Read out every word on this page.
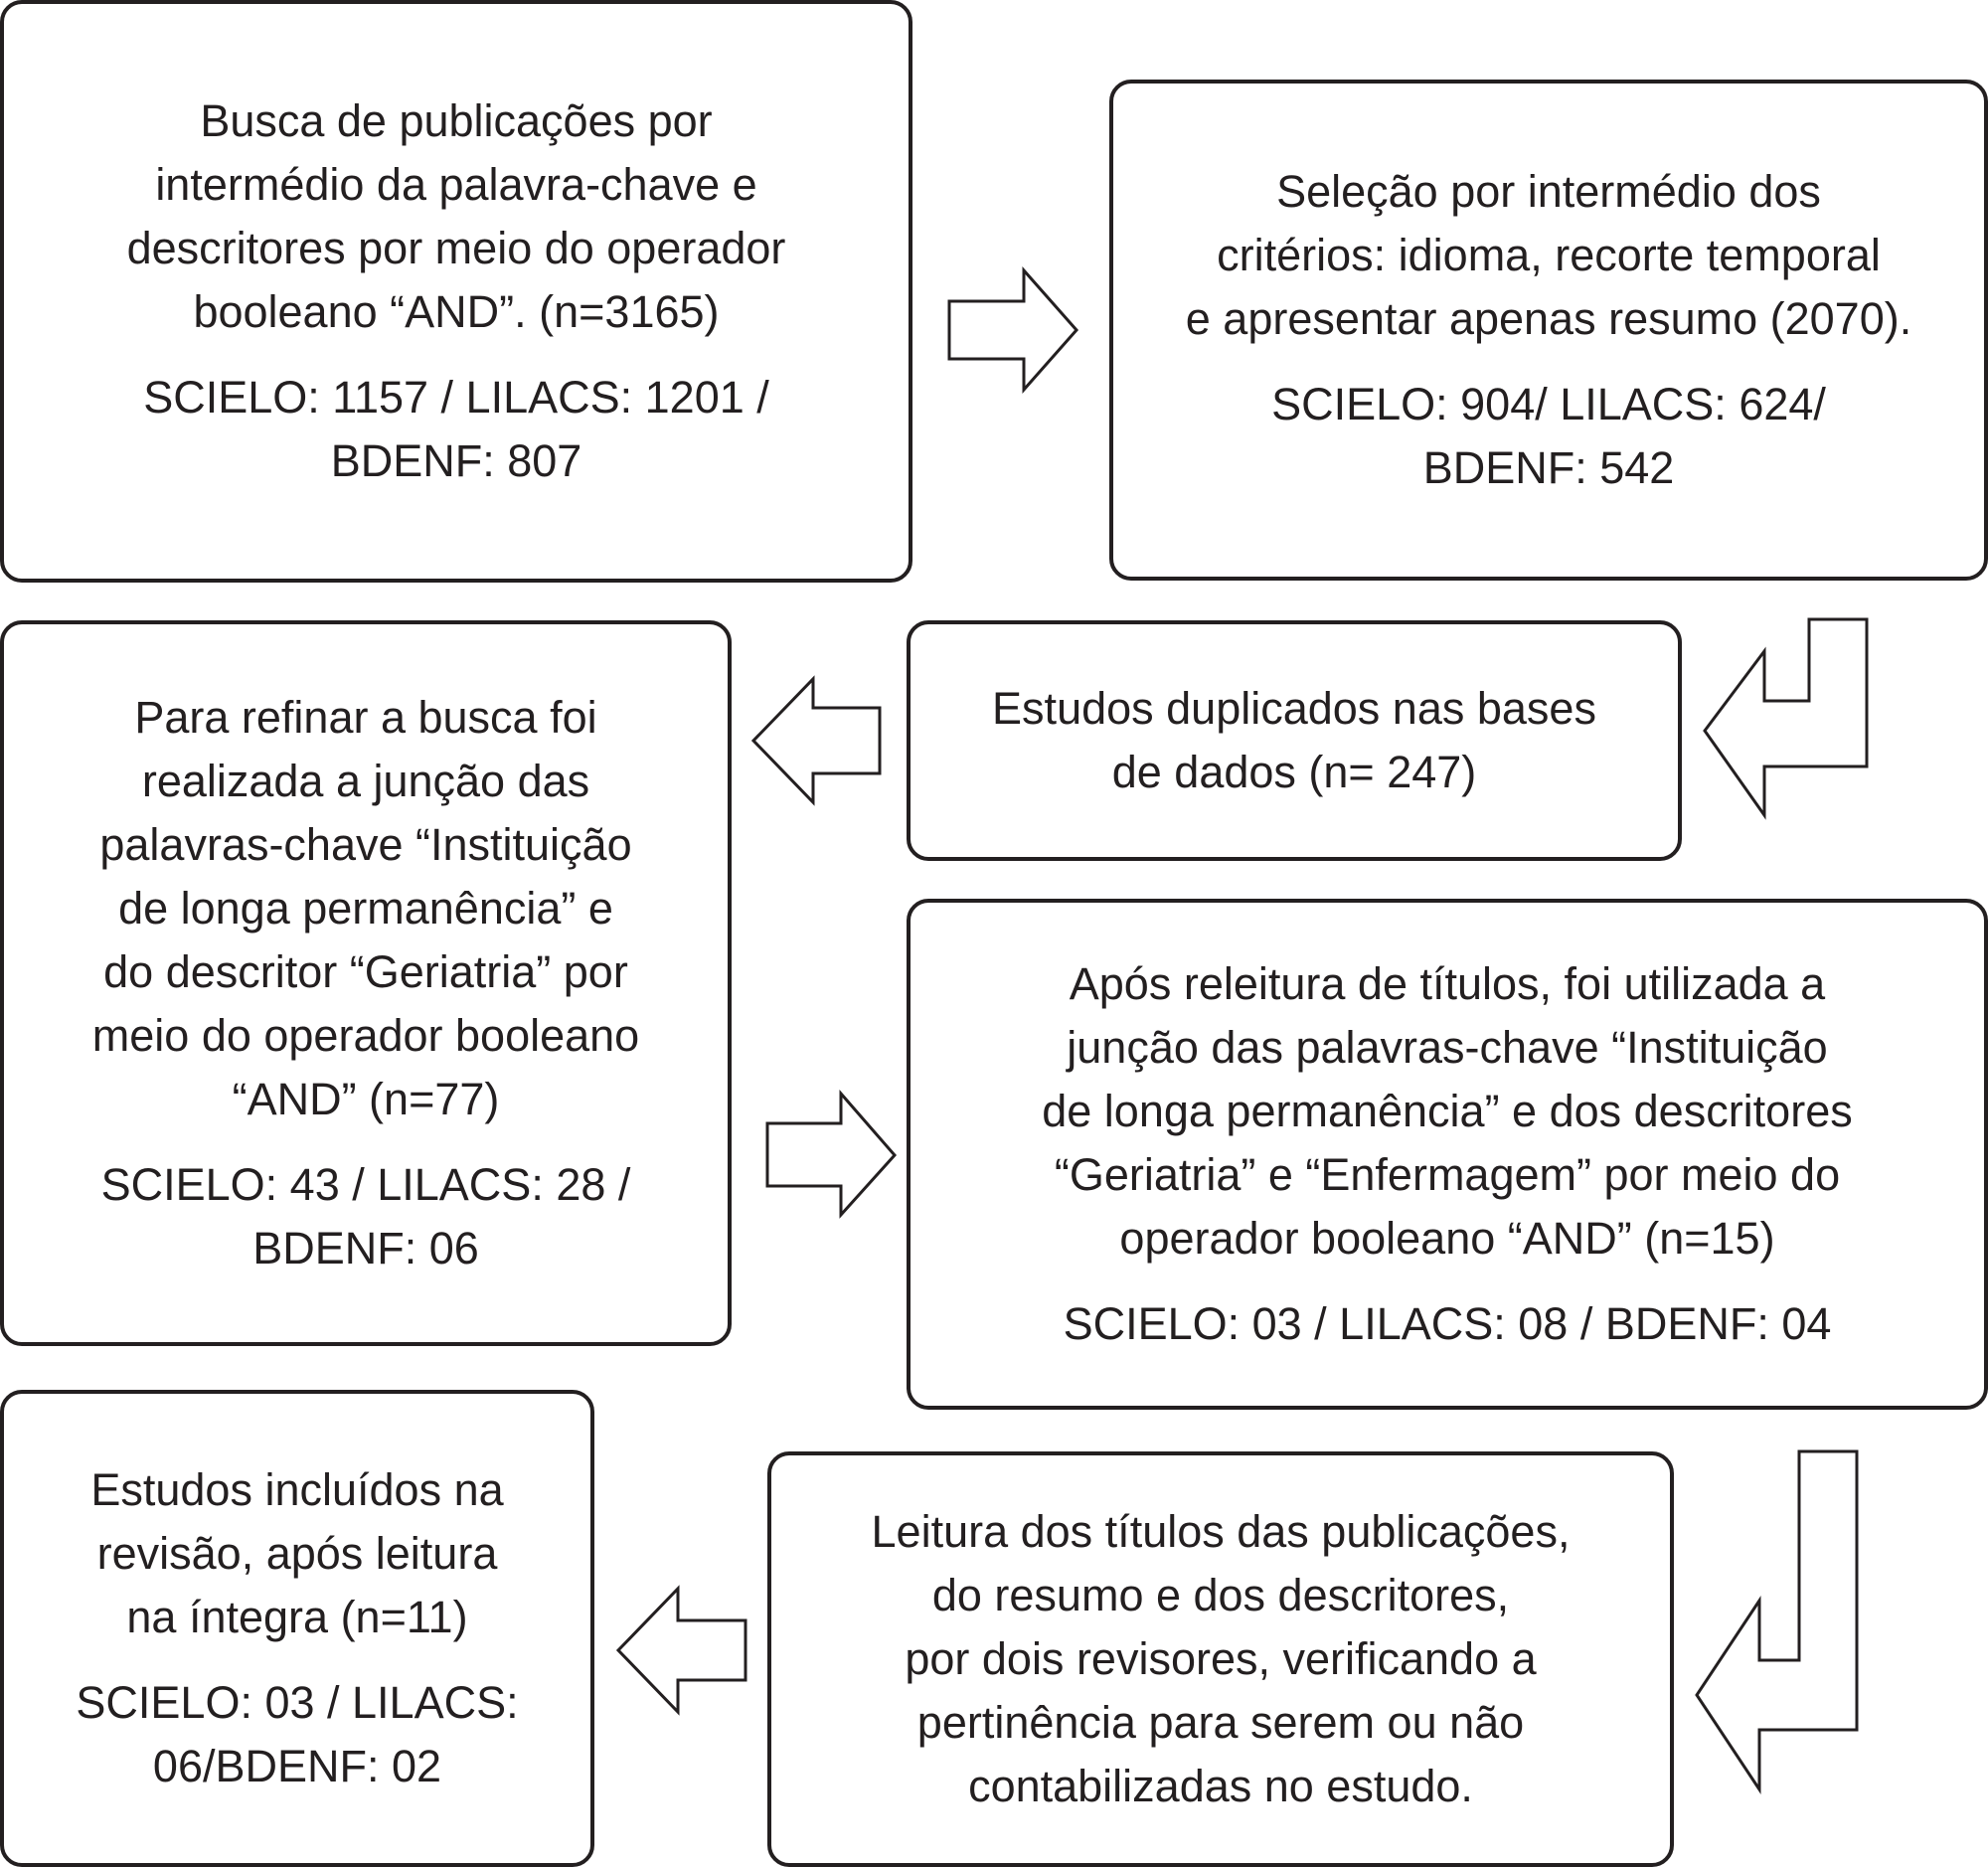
Busca de publicações por
intermédio da palavra-chave e
descritores por meio do operador
booleano “AND”. (n=3165)
SCIELO: 1157 / LILACS: 1201 /
BDENF: 807
Seleção por intermédio dos
critérios: idioma, recorte temporal
e apresentar apenas resumo (2070).
SCIELO: 904/ LILACS: 624/
BDENF: 542
Estudos duplicados nas bases
de dados (n= 247)
Para refinar a busca foi
realizada a junção das
palavras-chave “Instituição
de longa permanência” e
do descritor “Geriatria” por
meio do operador booleano
“AND” (n=77)
SCIELO: 43 / LILACS: 28 /
BDENF: 06
Após releitura de títulos, foi utilizada a
junção das palavras-chave “Instituição
de longa permanência” e dos descritores
“Geriatria” e “Enfermagem” por meio do
operador booleano “AND” (n=15)
SCIELO: 03 / LILACS: 08 / BDENF: 04
Leitura dos títulos das publicações,
do resumo e dos descritores,
por dois revisores, verificando a
pertinência para serem ou não
contabilizadas no estudo.
Estudos incluídos na
revisão, após leitura
na íntegra (n=11)
SCIELO: 03 / LILACS:
06/BDENF: 02
